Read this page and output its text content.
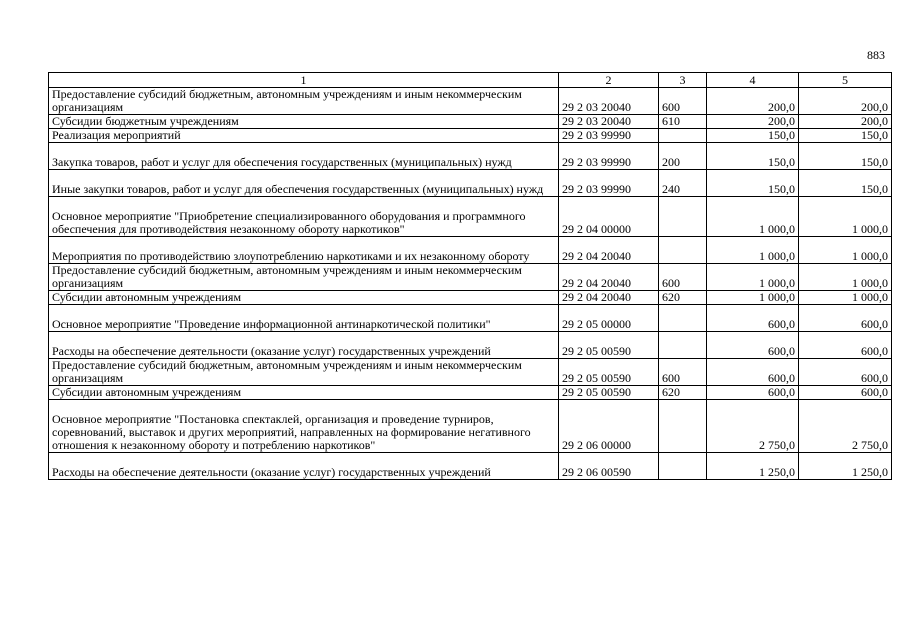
883
1	2	3	4	5
Предоставление субсидий бюджетным, автономным учреждениям и иным некоммерческим организациям	29 2 03 20040	600	200,0	200,0
Субсидии бюджетным учреждениям	29 2 03 20040	610	200,0	200,0
Реализация мероприятий	29 2 03 99990		150,0	150,0
Закупка товаров, работ и услуг для обеспечения государственных (муниципальных) нужд	29 2 03 99990	200	150,0	150,0
Иные закупки товаров, работ и услуг для обеспечения государственных (муниципальных) нужд	29 2 03 99990	240	150,0	150,0
Основное мероприятие "Приобретение специализированного оборудования и программного обеспечения для противодействия незаконному обороту наркотиков"	29 2 04 00000		1 000,0	1 000,0
Мероприятия по противодействию злоупотреблению наркотиками и их незаконному обороту	29 2 04 20040		1 000,0	1 000,0
Предоставление субсидий бюджетным, автономным учреждениям и иным некоммерческим организациям	29 2 04 20040	600	1 000,0	1 000,0
Субсидии автономным учреждениям	29 2 04 20040	620	1 000,0	1 000,0
Основное мероприятие "Проведение информационной антинаркотической политики"	29 2 05 00000		600,0	600,0
Расходы на обеспечение деятельности (оказание услуг) государственных учреждений	29 2 05 00590		600,0	600,0
Предоставление субсидий бюджетным, автономным учреждениям и иным некоммерческим организациям	29 2 05 00590	600	600,0	600,0
Субсидии автономным учреждениям	29 2 05 00590	620	600,0	600,0
Основное мероприятие "Постановка спектаклей, организация и проведение турниров, соревнований, выставок и других мероприятий, направленных на формирование негативного отношения к незаконному обороту и потреблению наркотиков"	29 2 06 00000		2 750,0	2 750,0
Расходы на обеспечение деятельности (оказание услуг) государственных учреждений	29 2 06 00590		1 250,0	1 250,0
